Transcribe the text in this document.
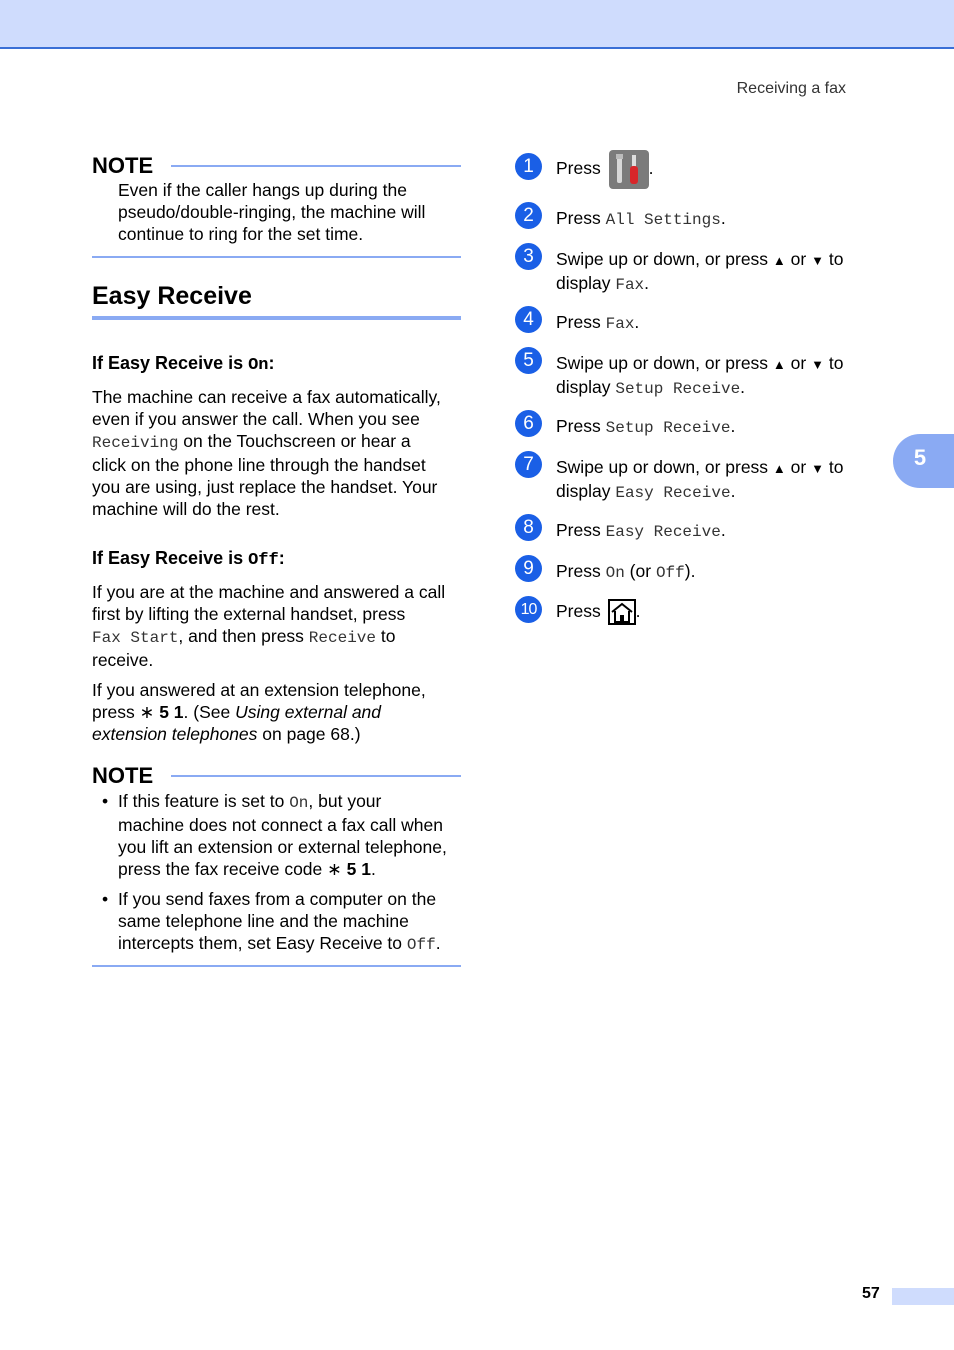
Receiving a fax
5
NOTE
Even if the caller hangs up during the
pseudo/double-ringing, the machine will
continue to ring for the set time.
Easy Receive
If Easy Receive is On:
The machine can receive a fax automatically,
even if you answer the call. When you see
Receiving on the Touchscreen or hear a
click on the phone line through the handset
you are using, just replace the handset. Your
machine will do the rest.
If Easy Receive is Off:
If you are at the machine and answered a call
first by lifting the external handset, press
Fax Start, and then press Receive to
receive.
If you answered at an extension telephone,
press ∗ 5 1. (See Using external and
extension telephones on page 68.)
NOTE
• If this feature is set to On, but your
machine does not connect a fax call when
you lift an extension or external telephone,
press the fax receive code ∗ 5 1.
• If you send faxes from a computer on the
same telephone line and the machine
intercepts them, set Easy Receive to Off.
1	Press .
2	Press All Settings.
3	Swipe up or down, or press ▲ or ▼ to
display Fax.
4	Press Fax.
5	Swipe up or down, or press ▲ or ▼ to
display Setup Receive.
6	Press Setup Receive.
7	Swipe up or down, or press ▲ or ▼ to
display Easy Receive.
8	Press Easy Receive.
9	Press On (or Off).
10	Press .
57
